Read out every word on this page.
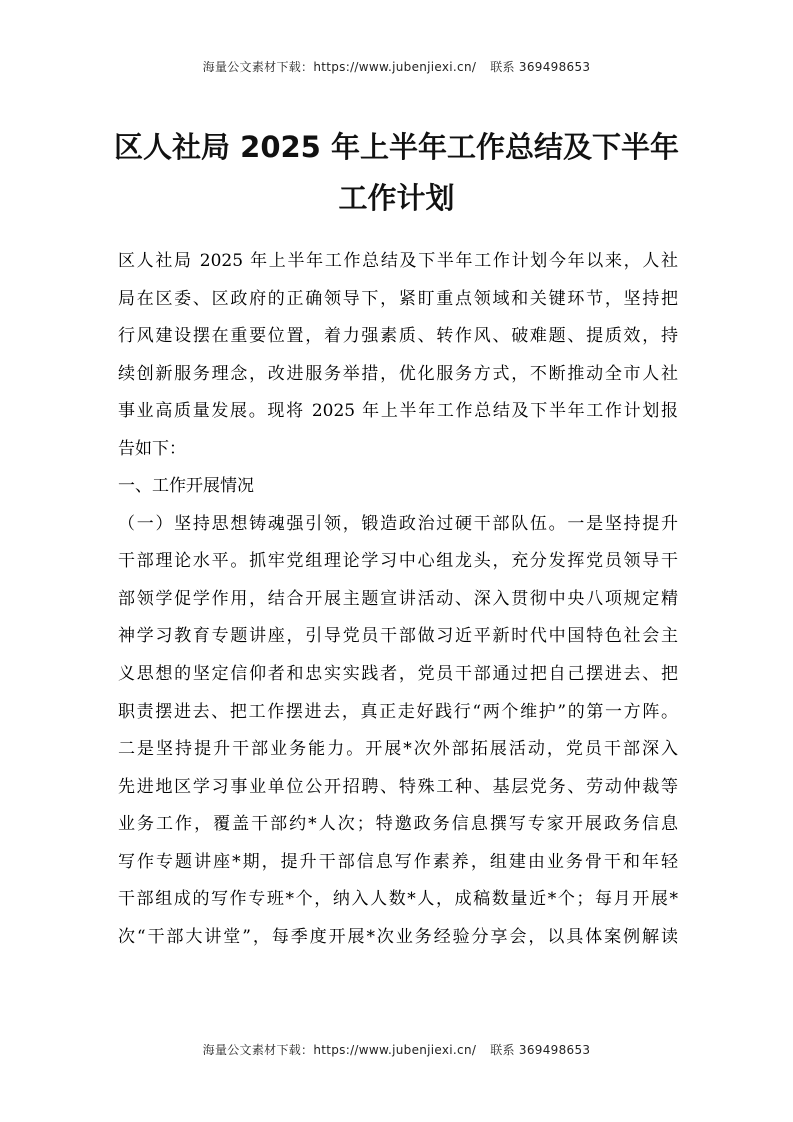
海量公文素材下载：https://www.jubenjiexi.cn/ 联系 369498653
区人社局 2025 年上半年工作总结及下半年
工作计划
区人社局 2025 年上半年工作总结及下半年工作计划今年以来，人社
局在区委、区政府的正确领导下，紧盯重点领域和关键环节，坚持把
行风建设摆在重要位置，着力强素质、转作风、破难题、提质效，持
续创新服务理念，改进服务举措，优化服务方式，不断推动全市人社
事业高质量发展。现将 2025 年上半年工作总结及下半年工作计划报
告如下：
一、工作开展情况
（一）坚持思想铸魂强引领，锻造政治过硬干部队伍。一是坚持提升
干部理论水平。抓牢党组理论学习中心组龙头，充分发挥党员领导干
部领学促学作用，结合开展主题宣讲活动、深入贯彻中央八项规定精
神学习教育专题讲座，引导党员干部做习近平新时代中国特色社会主
义思想的坚定信仰者和忠实实践者，党员干部通过把自己摆进去、把
职责摆进去、把工作摆进去，真正走好践行“两个维护”的第一方阵。
二是坚持提升干部业务能力。开展*次外部拓展活动，党员干部深入
先进地区学习事业单位公开招聘、特殊工种、基层党务、劳动仲裁等
业务工作，覆盖干部约*人次；特邀政务信息撰写专家开展政务信息
写作专题讲座*期，提升干部信息写作素养，组建由业务骨干和年轻
干部组成的写作专班*个，纳入人数*人，成稿数量近*个；每月开展*
次“干部大讲堂”，每季度开展*次业务经验分享会，以具体案例解读
海量公文素材下载：https://www.jubenjiexi.cn/ 联系 369498653
